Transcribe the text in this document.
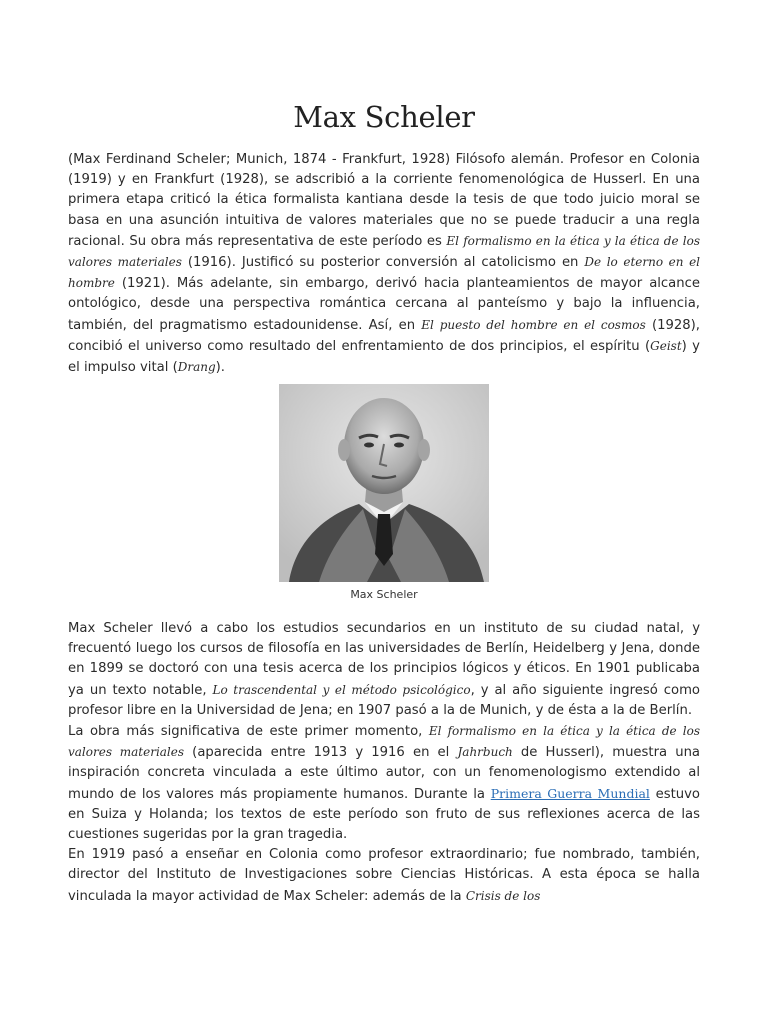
Max Scheler

(Max Ferdinand Scheler; Munich, 1874 - Frankfurt, 1928) Filósofo alemán. Profesor en Colonia (1919) y en Frankfurt (1928), se adscribió a la corriente fenomenológica de Husserl. En una primera etapa criticó la ética formalista kantiana desde la tesis de que todo juicio moral se basa en una asunción intuitiva de valores materiales que no se puede traducir a una regla racional. Su obra más representativa de este período es El formalismo en la ética y la ética de los valores materiales (1916). Justificó su posterior conversión al catolicismo en De lo eterno en el hombre (1921). Más adelante, sin embargo, derivó hacia planteamientos de mayor alcance ontológico, desde una perspectiva romántica cercana al panteísmo y bajo la influencia, también, del pragmatismo estadounidense. Así, en El puesto del hombre en el cosmos (1928), concibió el universo como resultado del enfrentamiento de dos principios, el espíritu (Geist) y el impulso vital (Drang).

Max Scheler

Max Scheler llevó a cabo los estudios secundarios en un instituto de su ciudad natal, y frecuentó luego los cursos de filosofía en las universidades de Berlín, Heidelberg y Jena, donde en 1899 se doctoró con una tesis acerca de los principios lógicos y éticos. En 1901 publicaba ya un texto notable, Lo trascendental y el método psicológico, y al año siguiente ingresó como profesor libre en la Universidad de Jena; en 1907 pasó a la de Munich, y de ésta a la de Berlín.
La obra más significativa de este primer momento, El formalismo en la ética y la ética de los valores materiales (aparecida entre 1913 y 1916 en el Jahrbuch de Husserl), muestra una inspiración concreta vinculada a este último autor, con un fenomenologismo extendido al mundo de los valores más propiamente humanos. Durante la Primera Guerra Mundial estuvo en Suiza y Holanda; los textos de este período son fruto de sus reflexiones acerca de las cuestiones sugeridas por la gran tragedia.
En 1919 pasó a enseñar en Colonia como profesor extraordinario; fue nombrado, también, director del Instituto de Investigaciones sobre Ciencias Históricas. A esta época se halla vinculada la mayor actividad de Max Scheler: además de la Crisis de los
